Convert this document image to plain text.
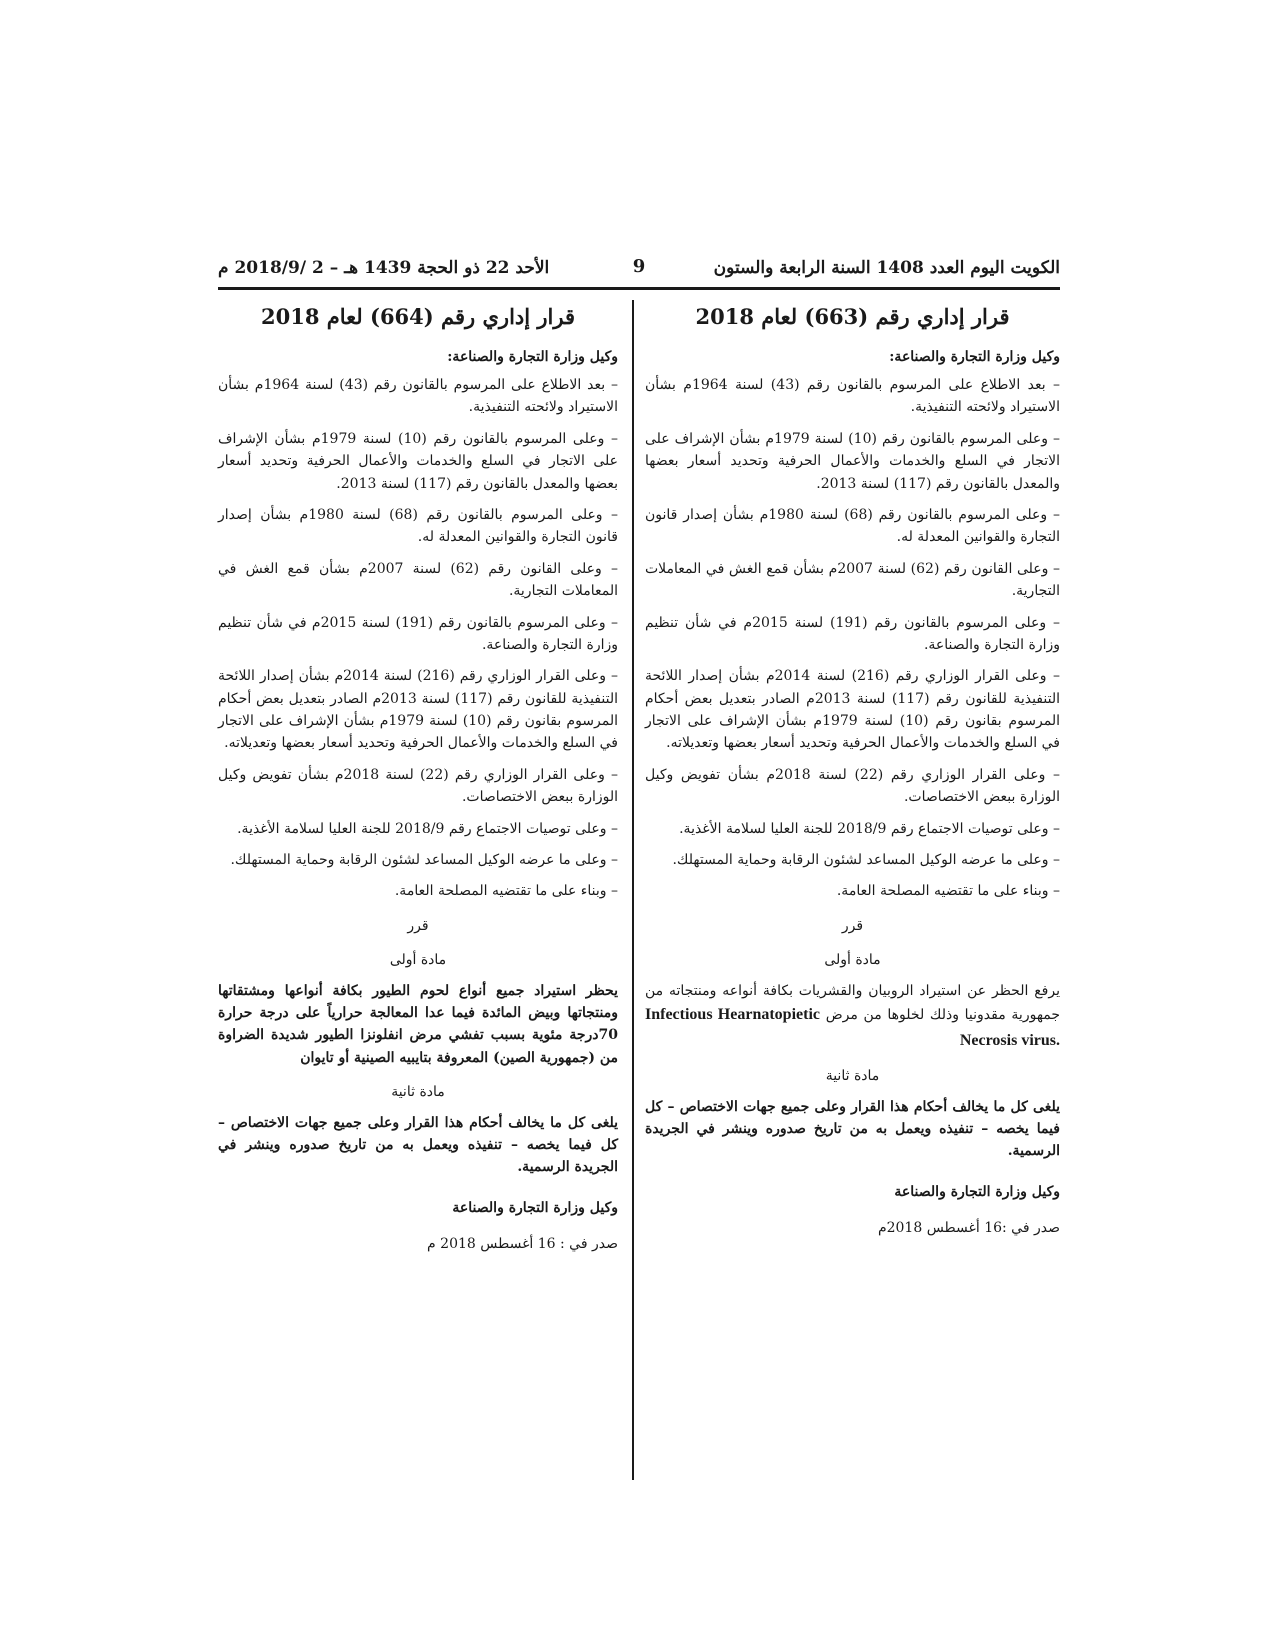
الكويت اليوم العدد 1408 السنة الرابعة والستون
9
الأحد 22 ذو الحجة 1439 هـ – 2 /2018/9 م
قرار إداري رقم (663) لعام 2018
وكيل وزارة التجارة والصناعة:
– بعد الاطلاع على المرسوم بالقانون رقم (43) لسنة 1964م بشأن الاستيراد ولائحته التنفيذية.
– وعلى المرسوم بالقانون رقم (10) لسنة 1979م بشأن الإشراف على الاتجار في السلع والخدمات والأعمال الحرفية وتحديد أسعار بعضها والمعدل بالقانون رقم (117) لسنة 2013.
– وعلى المرسوم بالقانون رقم (68) لسنة 1980م بشأن إصدار قانون التجارة والقوانين المعدلة له.
– وعلى القانون رقم (62) لسنة 2007م بشأن قمع الغش في المعاملات التجارية.
– وعلى المرسوم بالقانون رقم (191) لسنة 2015م في شأن تنظيم وزارة التجارة والصناعة.
– وعلى القرار الوزاري رقم (216) لسنة 2014م بشأن إصدار اللائحة التنفيذية للقانون رقم (117) لسنة 2013م الصادر بتعديل بعض أحكام المرسوم بقانون رقم (10) لسنة 1979م بشأن الإشراف على الاتجار في السلع والخدمات والأعمال الحرفية وتحديد أسعار بعضها وتعديلاته.
– وعلى القرار الوزاري رقم (22) لسنة 2018م بشأن تفويض وكيل الوزارة ببعض الاختصاصات.
– وعلى توصيات الاجتماع رقم 2018/9 للجنة العليا لسلامة الأغذية.
– وعلى ما عرضه الوكيل المساعد لشئون الرقابة وحماية المستهلك.
– وبناء على ما تقتضيه المصلحة العامة.
قرر
مادة أولى

يرفع الحظر عن استيراد الروبيان والقشريات بكافة أنواعه ومنتجاته من جمهورية مقدونيا وذلك لخلوها من مرض Infectious Hearnatopietic Necrosis virus.

مادة ثانية

يلغى كل ما يخالف أحكام هذا القرار وعلى جميع جهات الاختصاص – كل فيما يخصه – تنفيذه ويعمل به من تاريخ صدوره وينشر في الجريدة الرسمية.

وكيل وزارة التجارة والصناعة
صدر في :16 أغسطس 2018م
قرار إداري رقم (664) لعام 2018
وكيل وزارة التجارة والصناعة:
– بعد الاطلاع على المرسوم بالقانون رقم (43) لسنة 1964م بشأن الاستيراد ولائحته التنفيذية.
– وعلى المرسوم بالقانون رقم (10) لسنة 1979م بشأن الإشراف على الاتجار في السلع والخدمات والأعمال الحرفية وتحديد أسعار بعضها والمعدل بالقانون رقم (117) لسنة 2013.
– وعلى المرسوم بالقانون رقم (68) لسنة 1980م بشأن إصدار قانون التجارة والقوانين المعدلة له.
– وعلى القانون رقم (62) لسنة 2007م بشأن قمع الغش في المعاملات التجارية.
– وعلى المرسوم بالقانون رقم (191) لسنة 2015م في شأن تنظيم وزارة التجارة والصناعة.
– وعلى القرار الوزاري رقم (216) لسنة 2014م بشأن إصدار اللائحة التنفيذية للقانون رقم (117) لسنة 2013م الصادر بتعديل بعض أحكام المرسوم بقانون رقم (10) لسنة 1979م بشأن الإشراف على الاتجار في السلع والخدمات والأعمال الحرفية وتحديد أسعار بعضها وتعديلاته.
– وعلى القرار الوزاري رقم (22) لسنة 2018م بشأن تفويض وكيل الوزارة ببعض الاختصاصات.
– وعلى توصيات الاجتماع رقم 2018/9 للجنة العليا لسلامة الأغذية.
– وعلى ما عرضه الوكيل المساعد لشئون الرقابة وحماية المستهلك.
– وبناء على ما تقتضيه المصلحة العامة.
قرر
مادة أولى

يحظر استيراد جميع أنواع لحوم الطيور بكافة أنواعها ومشتقاتها ومنتجاتها وبيض المائدة فيما عدا المعالجة حرارياً على درجة حرارة 70درجة مئوية بسبب تفشي مرض انفلونزا الطيور شديدة الضراوة من (جمهورية الصين) المعروفة بتايبيه الصينية أو تايوان

مادة ثانية

يلغى كل ما يخالف أحكام هذا القرار وعلى جميع جهات الاختصاص – كل فيما يخصه – تنفيذه ويعمل به من تاريخ صدوره وينشر في الجريدة الرسمية.

وكيل وزارة التجارة والصناعة
صدر في : 16 أغسطس 2018 م
